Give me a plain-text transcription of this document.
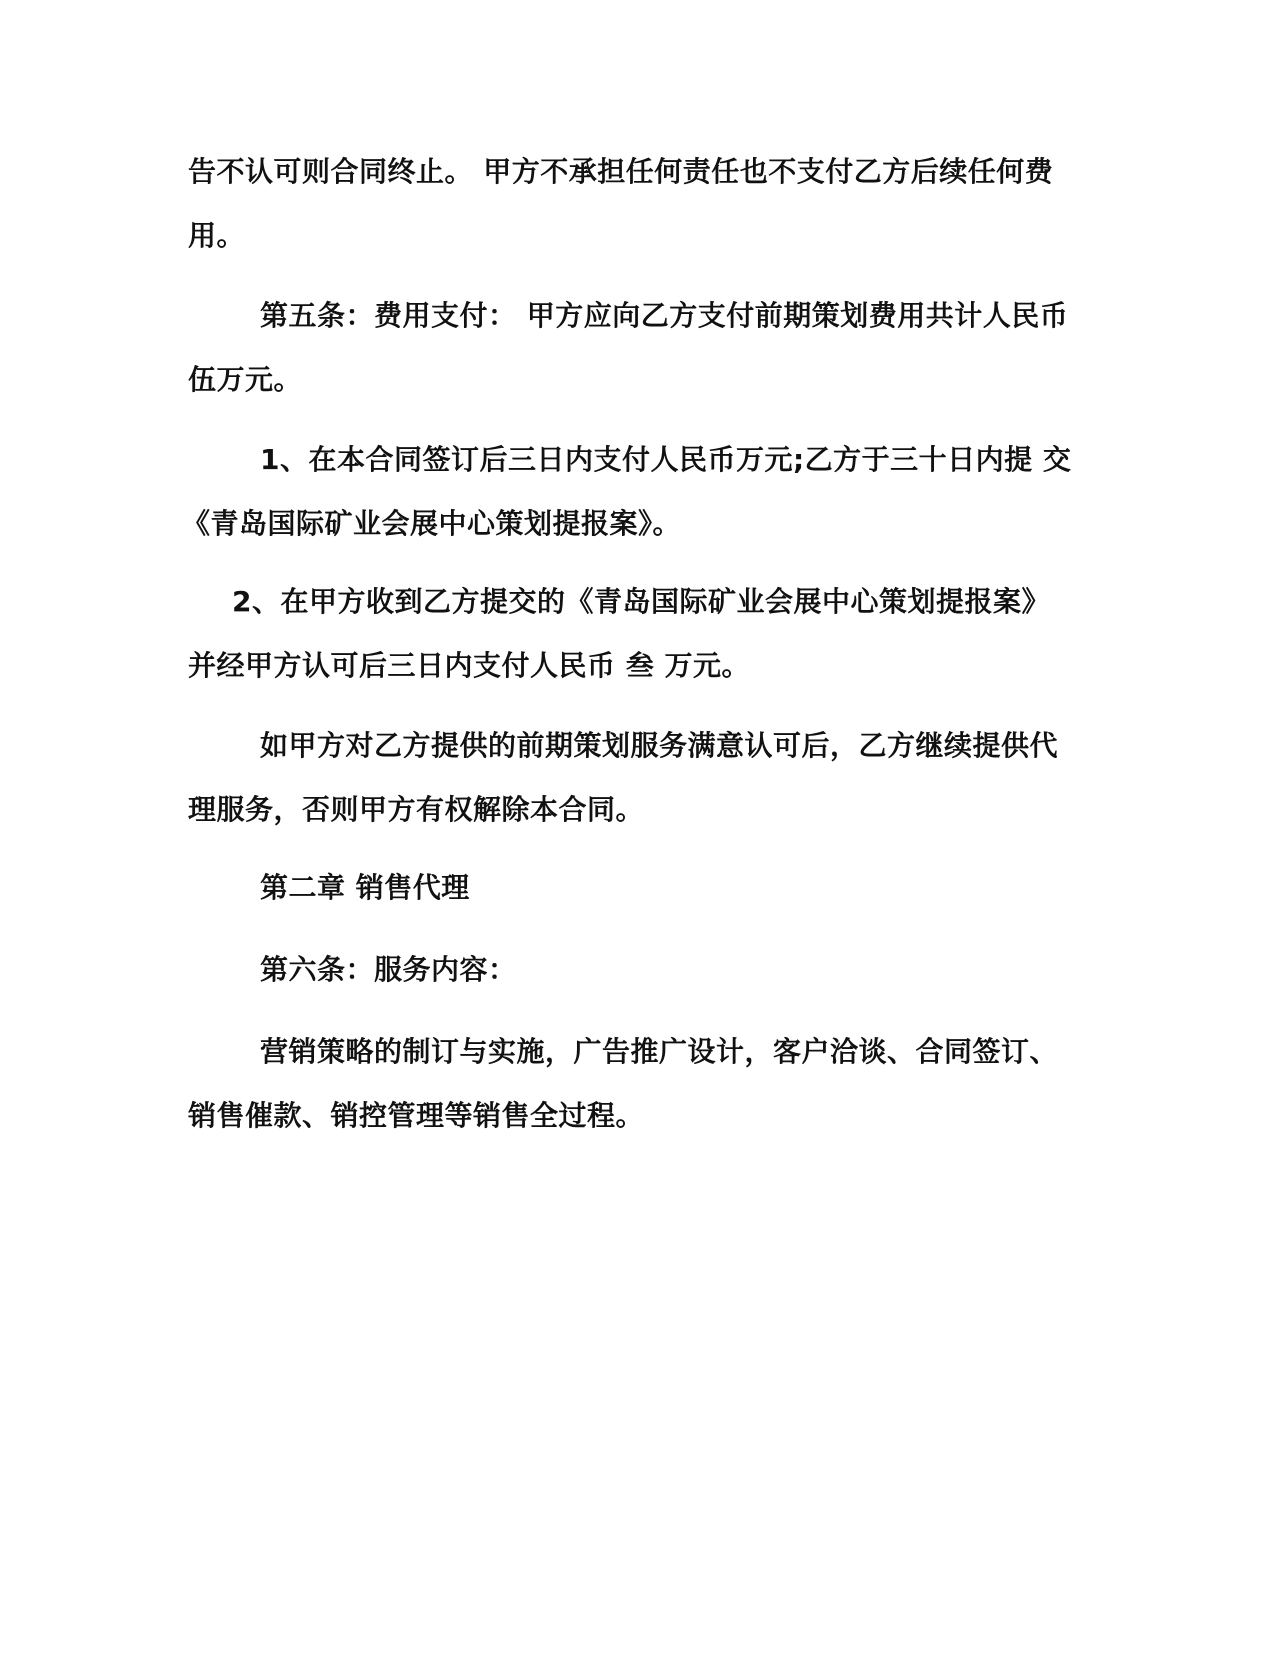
告不认可则合同终止。 甲方不承担任何责任也不支付乙方后续任何费
用。
第五条：费用支付： 甲方应向乙方支付前期策划费用共计人民币
伍万元。
1、在本合同签订后三日内支付人民币万元;乙方于三十日内提 交
《青岛国际矿业会展中心策划提报案》。
2、在甲方收到乙方提交的《青岛国际矿业会展中心策划提报案》
并经甲方认可后三日内支付人民币 叁 万元。
如甲方对乙方提供的前期策划服务满意认可后，乙方继续提供代
理服务，否则甲方有权解除本合同。
第二章 销售代理
第六条：服务内容：
营销策略的制订与实施，广告推广设计，客户洽谈、合同签订、
销售催款、销控管理等销售全过程。
